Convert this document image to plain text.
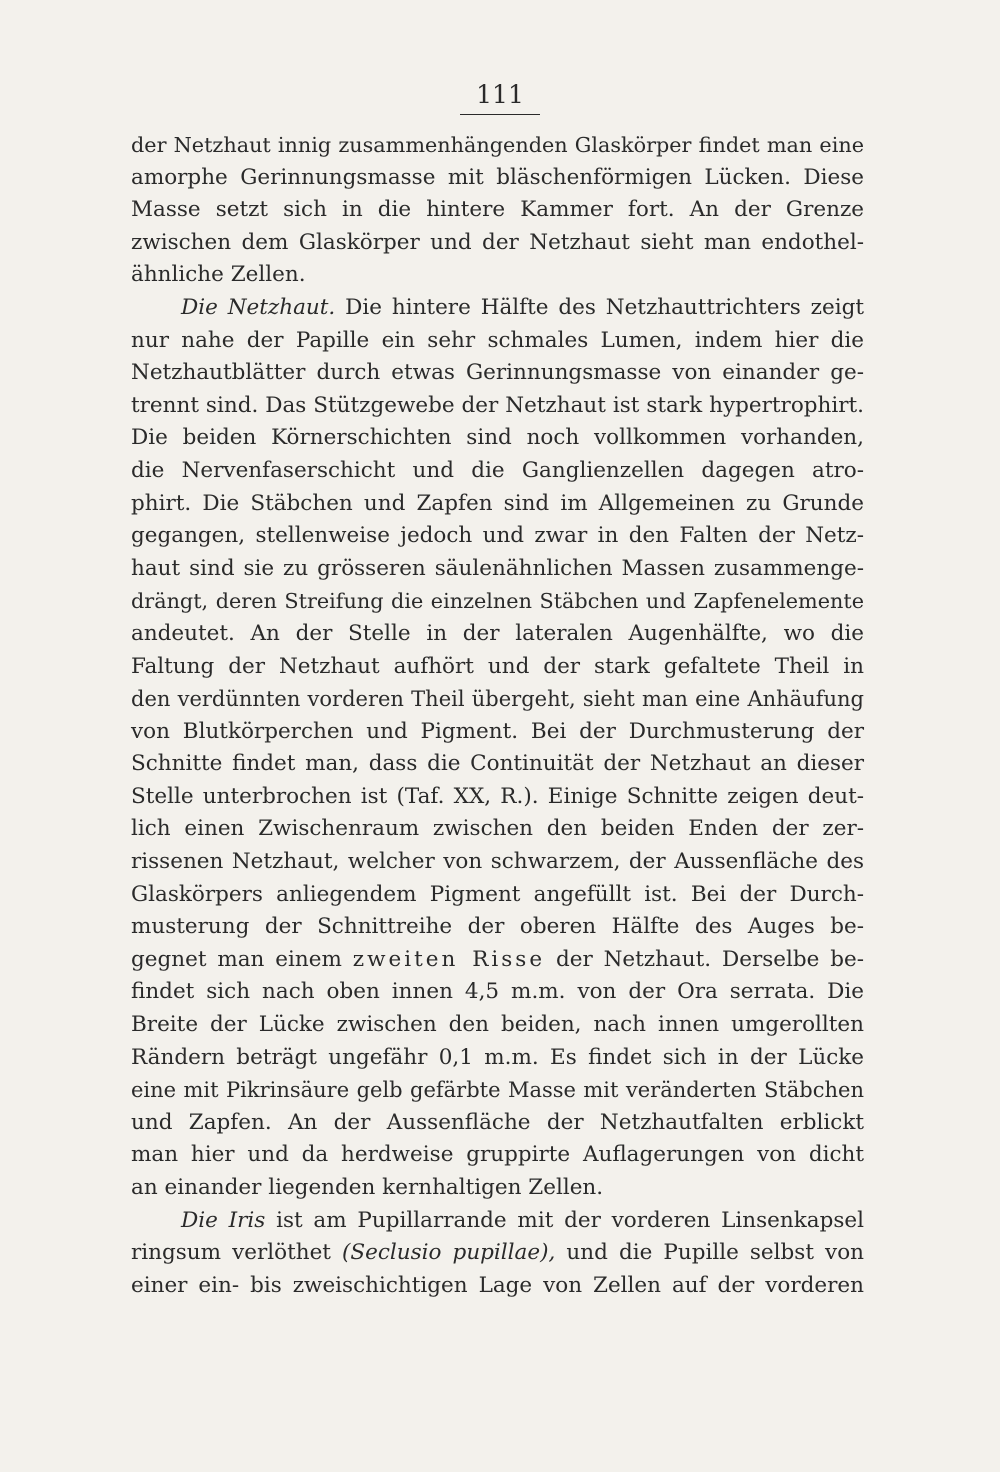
111
der Netzhaut innig zusammenhängenden Glaskörper findet man eine
amorphe Gerinnungsmasse mit bläschenförmigen Lücken. Diese
Masse setzt sich in die hintere Kammer fort. An der Grenze
zwischen dem Glaskörper und der Netzhaut sieht man endothel-
ähnliche Zellen.
Die Netzhaut. Die hintere Hälfte des Netzhauttrichters zeigt
nur nahe der Papille ein sehr schmales Lumen, indem hier die
Netzhautblätter durch etwas Gerinnungsmasse von einander ge-
trennt sind. Das Stützgewebe der Netzhaut ist stark hypertrophirt.
Die beiden Körnerschichten sind noch vollkommen vorhanden,
die Nervenfaserschicht und die Ganglienzellen dagegen atro-
phirt. Die Stäbchen und Zapfen sind im Allgemeinen zu Grunde
gegangen, stellenweise jedoch und zwar in den Falten der Netz-
haut sind sie zu grösseren säulenähnlichen Massen zusammenge-
drängt, deren Streifung die einzelnen Stäbchen und Zapfenelemente
andeutet. An der Stelle in der lateralen Augenhälfte, wo die
Faltung der Netzhaut aufhört und der stark gefaltete Theil in
den verdünnten vorderen Theil übergeht, sieht man eine Anhäufung
von Blutkörperchen und Pigment. Bei der Durchmusterung der
Schnitte findet man, dass die Continuität der Netzhaut an dieser
Stelle unterbrochen ist (Taf. XX, R.). Einige Schnitte zeigen deut-
lich einen Zwischenraum zwischen den beiden Enden der zer-
rissenen Netzhaut, welcher von schwarzem, der Aussenfläche des
Glaskörpers anliegendem Pigment angefüllt ist. Bei der Durch-
musterung der Schnittreihe der oberen Hälfte des Auges be-
gegnet man einem zweiten Risse der Netzhaut. Derselbe be-
findet sich nach oben innen 4,5 m.m. von der Ora serrata. Die
Breite der Lücke zwischen den beiden, nach innen umgerollten
Rändern beträgt ungefähr 0,1 m.m. Es findet sich in der Lücke
eine mit Pikrinsäure gelb gefärbte Masse mit veränderten Stäbchen
und Zapfen. An der Aussenfläche der Netzhautfalten erblickt
man hier und da herdweise gruppirte Auflagerungen von dicht
an einander liegenden kernhaltigen Zellen.
Die Iris ist am Pupillarrande mit der vorderen Linsenkapsel
ringsum verlöthet (Seclusio pupillae), und die Pupille selbst von
einer ein- bis zweischichtigen Lage von Zellen auf der vorderen
